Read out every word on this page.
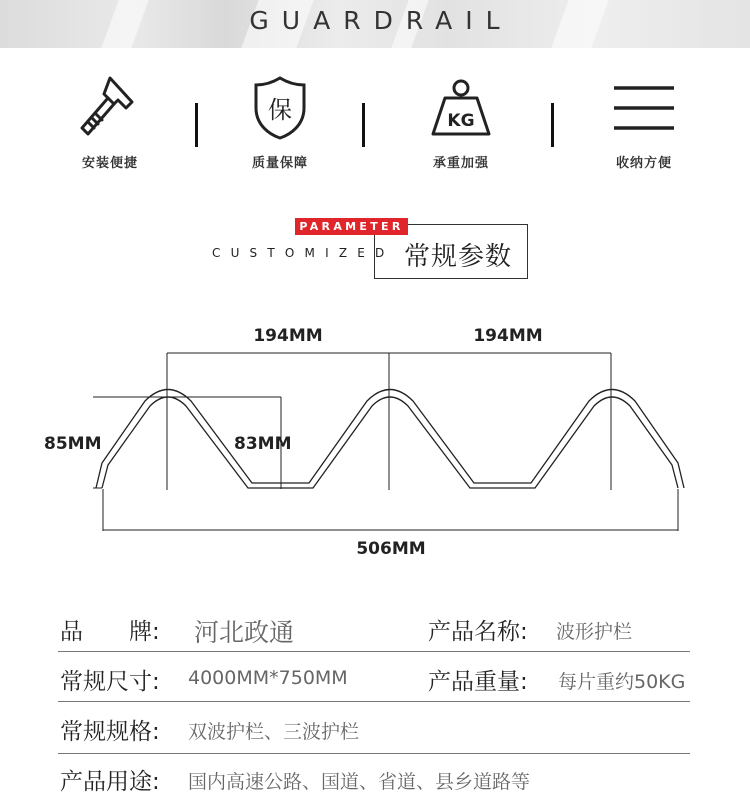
GUARDRAIL
安装便捷
保
质量保障
KG
承重加强	收纳方便
PARAMETER
CUSTOMIZED 常规参数
194MM	194MM
85MM	83MM
506MM
品　　牌: 河北政通	产品名称: 波形护栏
常规尺寸: 4000MM*750MM	产品重量: 每片重约50KG
常规规格: 双波护栏、三波护栏
产品用途: 国内高速公路、国道、省道、县乡道路等
